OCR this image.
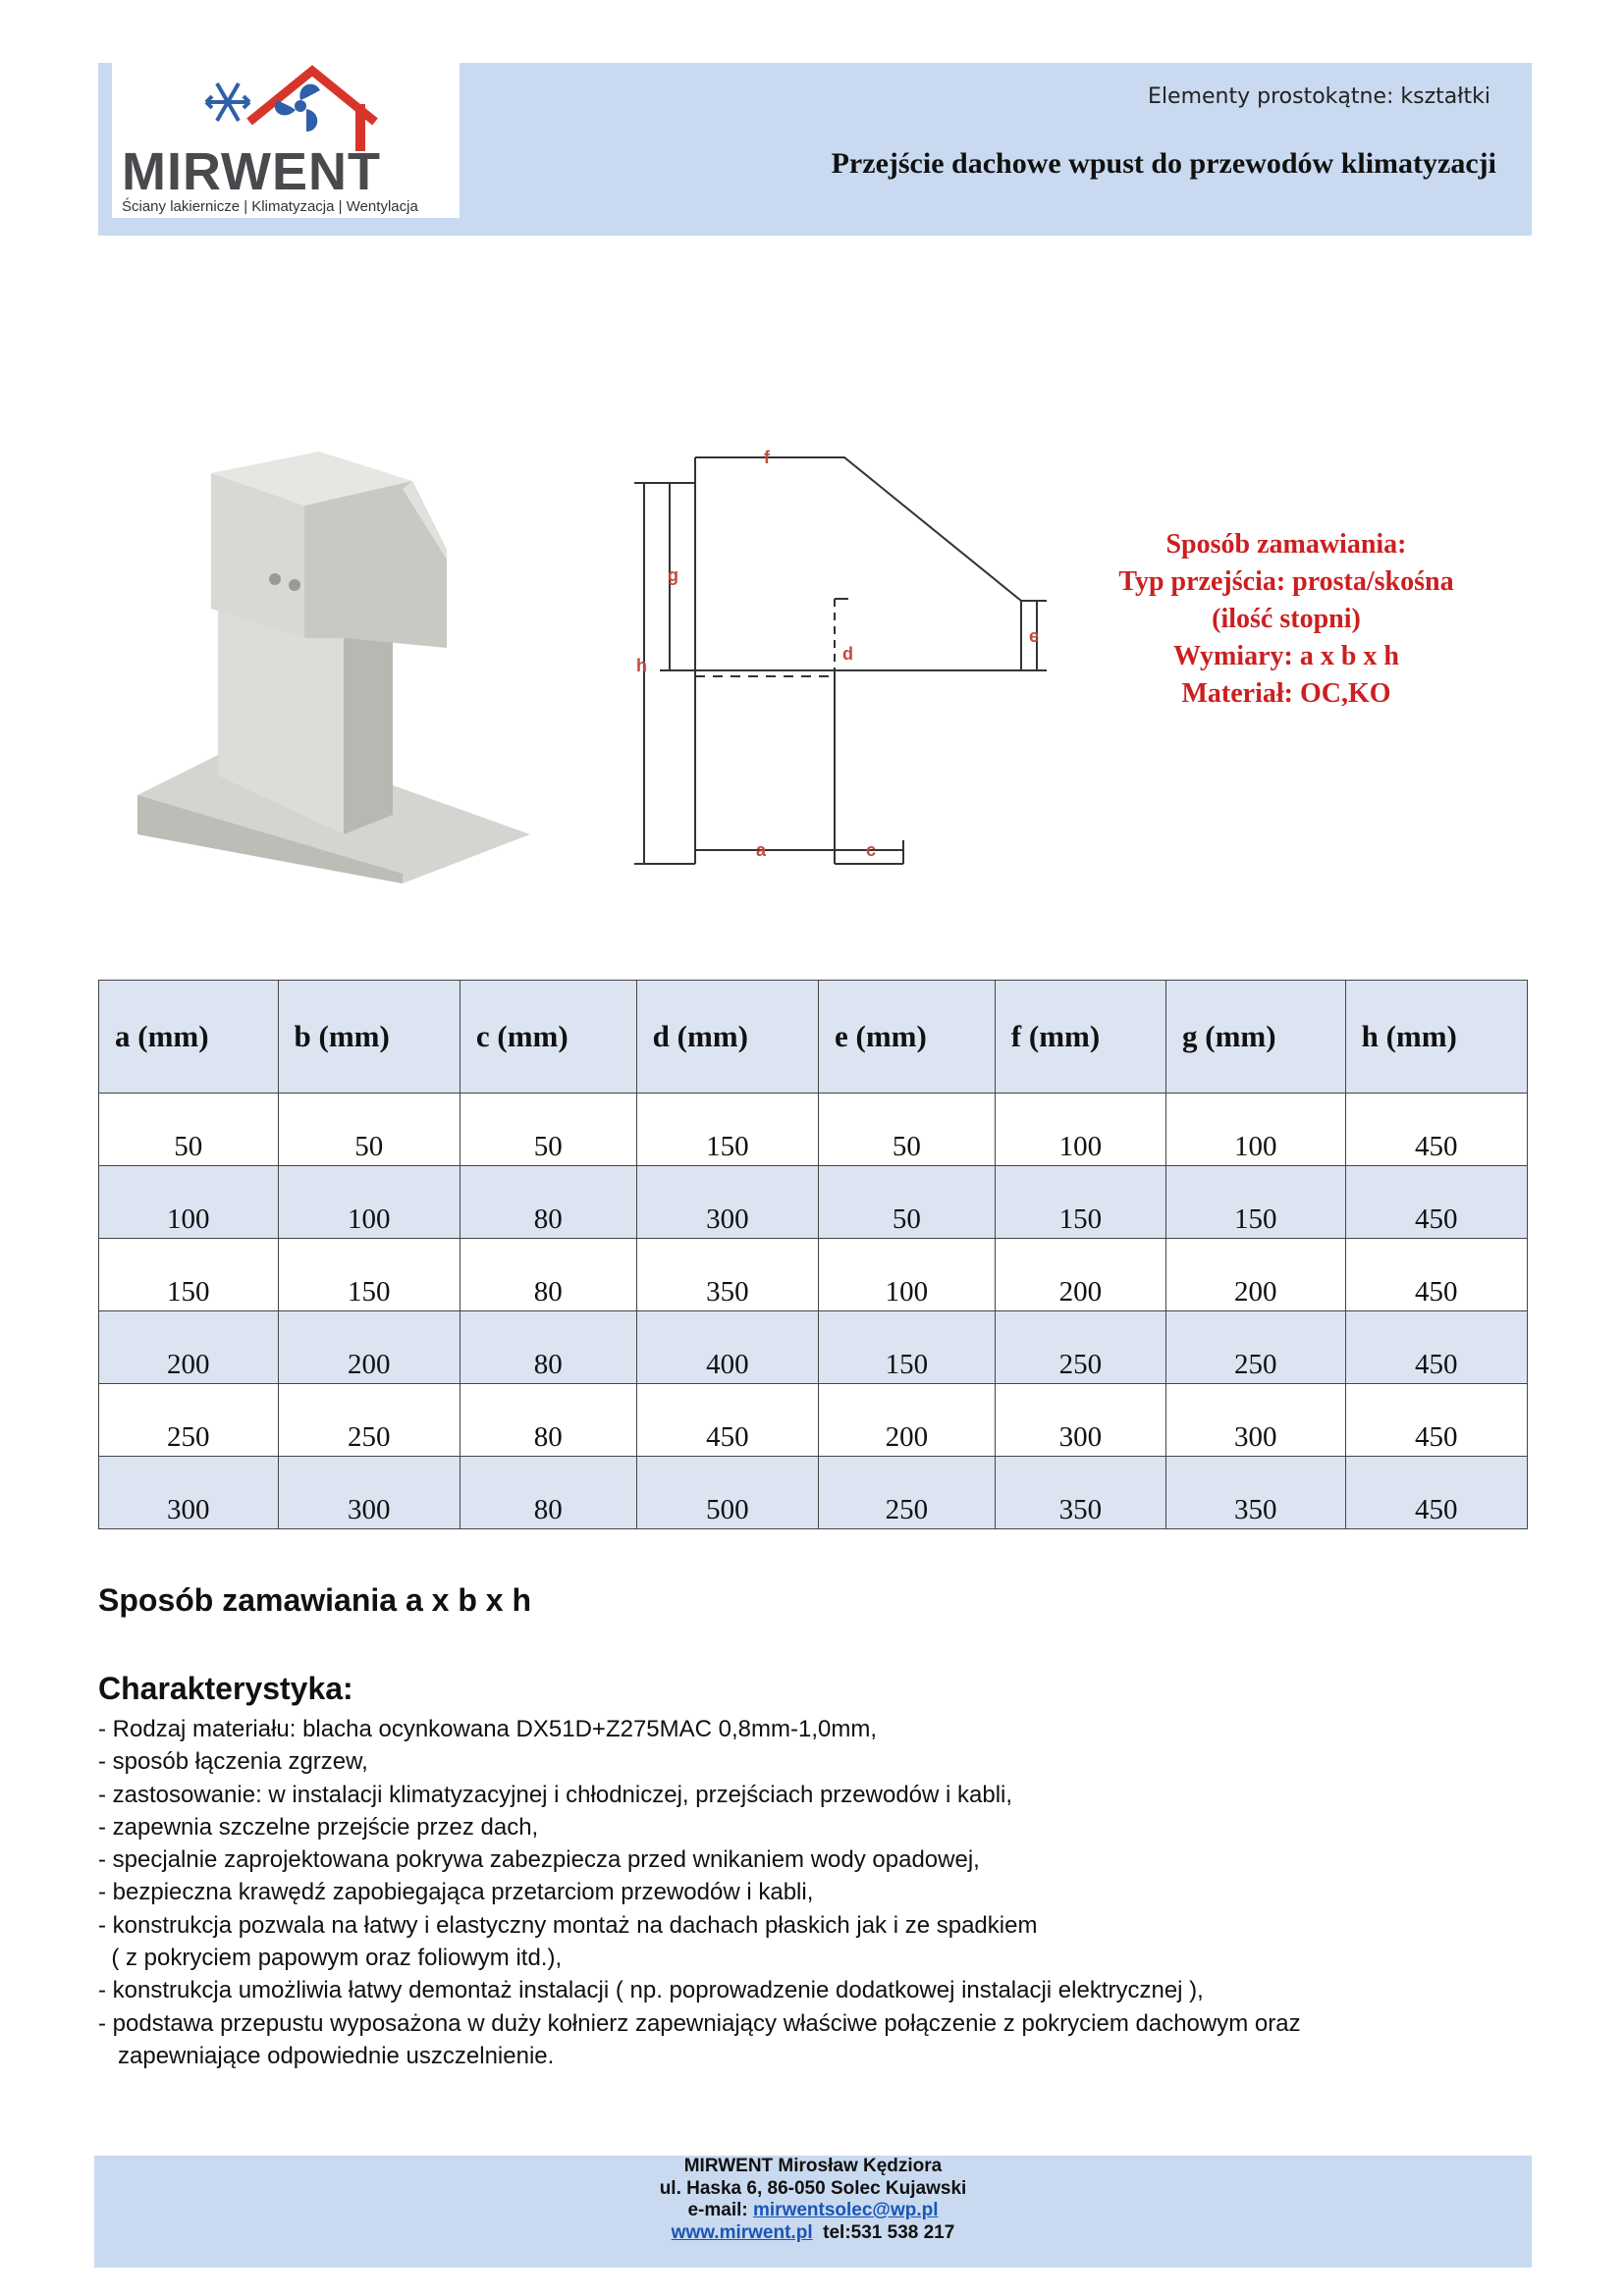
MIRWENT
Ściany lakiernicze | Klimatyzacja | Wentylacja
Elementy prostokątne: kształtki
Przejście dachowe wpust do przewodów klimatyzacji
f
g
h
d
e
a	c
Sposób zamawiania:
Typ przejścia: prosta/skośna
(ilość stopni)
Wymiary: a x b x h
Materiał: OC,KO
a (mm)	b (mm)	c (mm)	d (mm)	e (mm)	f (mm)	g (mm)	h (mm)
50	50	50	150	50	100	100	450
100	100	80	300	50	150	150	450
150	150	80	350	100	200	200	450
200	200	80	400	150	250	250	450
250	250	80	450	200	300	300	450
300	300	80	500	250	350	350	450
Sposób zamawiania a x b x h
Charakterystyka:
- Rodzaj materiału: blacha ocynkowana DX51D+Z275MAC 0,8mm-1,0mm,
- sposób łączenia zgrzew,
- zastosowanie: w instalacji klimatyzacyjnej i chłodniczej, przejściach przewodów i kabli,
- zapewnia szczelne przejście przez dach,
- specjalnie zaprojektowana pokrywa zabezpiecza przed wnikaniem wody opadowej,
- bezpieczna krawędź zapobiegająca przetarciom przewodów i kabli,
- konstrukcja pozwala na łatwy i elastyczny montaż na dachach płaskich jak i ze spadkiem
( z pokryciem papowym oraz foliowym itd.),
- konstrukcja umożliwia łatwy demontaż instalacji ( np. poprowadzenie dodatkowej instalacji elektrycznej ),
- podstawa przepustu wyposażona w duży kołnierz zapewniający właściwe połączenie z pokryciem dachowym oraz
zapewniające odpowiednie uszczelnienie.
MIRWENT Mirosław Kędziora
ul. Haska 6, 86-050 Solec Kujawski
e-mail: mirwentsolec@wp.pl
www.mirwent.pl tel:531 538 217
